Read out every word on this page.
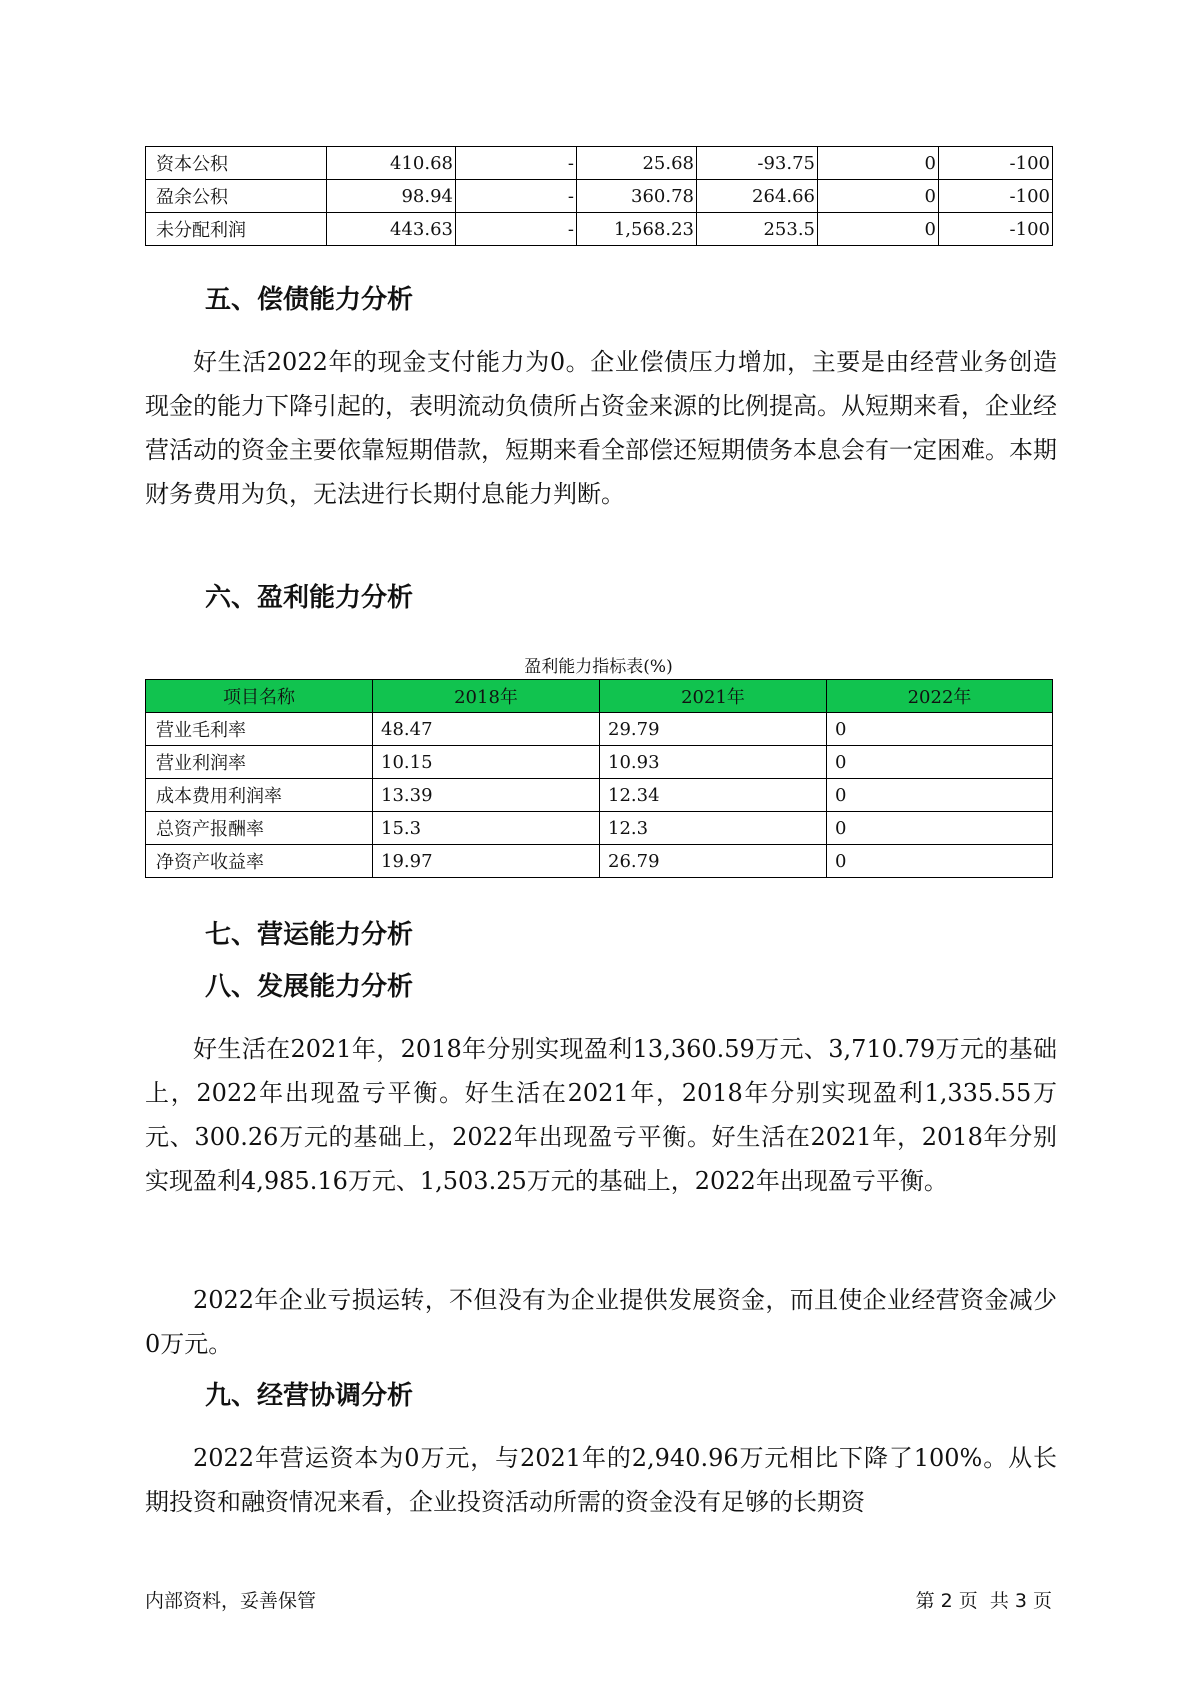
资本公积	410.68	-	25.68	-93.75	0	-100
盈余公积	98.94	-	360.78	264.66	0	-100
未分配利润	443.63	-	1,568.23	253.5	0	-100
五、偿债能力分析

好生活2022年的现金支付能力为0。企业偿债压力增加，主要是由经营业务创造现金的能力下降引起的，表明流动负债所占资金来源的比例提高。从短期来看，企业经营活动的资金主要依靠短期借款，短期来看全部偿还短期债务本息会有一定困难。本期财务费用为负，无法进行长期付息能力判断。

六、盈利能力分析
盈利能力指标表(%)
项目名称	2018年	2021年	2022年
营业毛利率	48.47	29.79	0
营业利润率	10.15	10.93	0
成本费用利润率	13.39	12.34	0
总资产报酬率	15.3	12.3	0
净资产收益率	19.97	26.79	0
七、营运能力分析
八、发展能力分析

好生活在2021年，2018年分别实现盈利13,360.59万元、3,710.79万元的基础上，2022年出现盈亏平衡。好生活在2021年，2018年分别实现盈利1,335.55万元、300.26万元的基础上，2022年出现盈亏平衡。好生活在2021年，2018年分别实现盈利4,985.16万元、1,503.25万元的基础上，2022年出现盈亏平衡。

2022年企业亏损运转，不但没有为企业提供发展资金，而且使企业经营资金减少0万元。

九、经营协调分析

2022年营运资本为0万元，与2021年的2,940.96万元相比下降了100%。从长期投资和融资情况来看，企业投资活动所需的资金没有足够的长期资

内部资料，妥善保管	第 2 页  共 3 页
